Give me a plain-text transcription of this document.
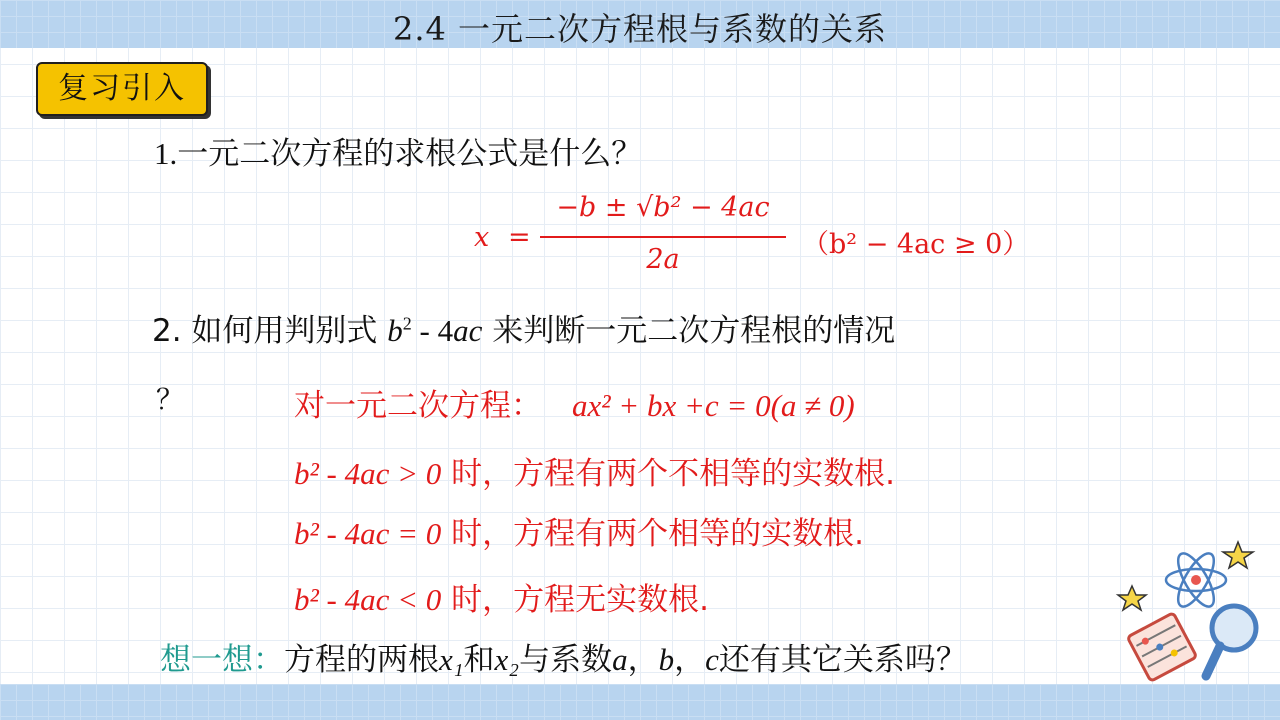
2.4 一元二次方程根与系数的关系
复习引入
1.一元二次方程的求根公式是什么？
x =
−b ± √b² − 4ac
2a	（b² − 4ac ≥ 0）
2. 如何用判别式 $b^2 - 4ac$ 来判断一元二次方程根的情况
？	对一元二次方程： ax² + bx +c = 0(a ≠ 0)
b² - 4ac > 0 时，方程有两个不相等的实数根.
b² - 4ac = 0 时，方程有两个相等的实数根.
b² - 4ac < 0 时，方程无实数根.
想一想：方程的两根x₁和x₂与系数a，b，c还有其它关系吗？
